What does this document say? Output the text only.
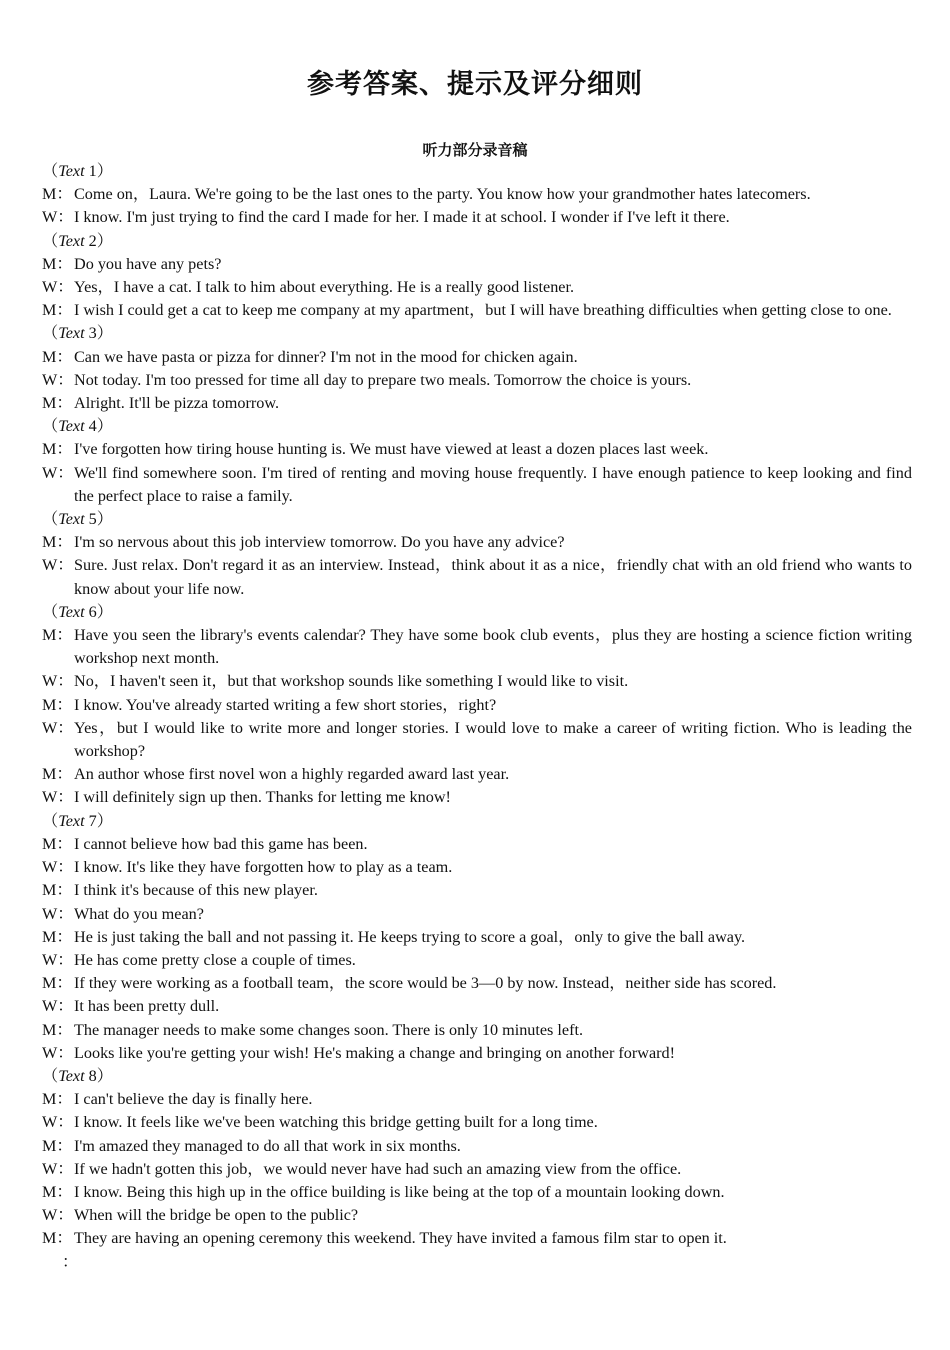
参考答案、提示及评分细则
听力部分录音稿
（Text 1）
M：Come on，Laura. We're going to be the last ones to the party. You know how your grandmother hates latecomers.
W：I know. I'm just trying to find the card I made for her. I made it at school. I wonder if I've left it there.
（Text 2）
M：Do you have any pets?
W：Yes，I have a cat. I talk to him about everything. He is a really good listener.
M：I wish I could get a cat to keep me company at my apartment，but I will have breathing difficulties when getting close to one.
（Text 3）
M：Can we have pasta or pizza for dinner? I'm not in the mood for chicken again.
W：Not today. I'm too pressed for time all day to prepare two meals. Tomorrow the choice is yours.
M：Alright. It'll be pizza tomorrow.
（Text 4）
M：I've forgotten how tiring house hunting is. We must have viewed at least a dozen places last week.
W：We'll find somewhere soon. I'm tired of renting and moving house frequently. I have enough patience to keep looking and find the perfect place to raise a family.
（Text 5）
M：I'm so nervous about this job interview tomorrow. Do you have any advice?
W：Sure. Just relax. Don't regard it as an interview. Instead，think about it as a nice，friendly chat with an old friend who wants to know about your life now.
（Text 6）
M：Have you seen the library's events calendar? They have some book club events，plus they are hosting a science fiction writing workshop next month.
W：No，I haven't seen it，but that workshop sounds like something I would like to visit.
M：I know. You've already started writing a few short stories，right?
W：Yes，but I would like to write more and longer stories. I would love to make a career of writing fiction. Who is leading the workshop?
M：An author whose first novel won a highly regarded award last year.
W：I will definitely sign up then. Thanks for letting me know!
（Text 7）
M：I cannot believe how bad this game has been.
W：I know. It's like they have forgotten how to play as a team.
M：I think it's because of this new player.
W：What do you mean?
M：He is just taking the ball and not passing it. He keeps trying to score a goal，only to give the ball away.
W：He has come pretty close a couple of times.
M：If they were working as a football team，the score would be 3—0 by now. Instead，neither side has scored.
W：It has been pretty dull.
M：The manager needs to make some changes soon. There is only 10 minutes left.
W：Looks like you're getting your wish! He's making a change and bringing on another forward!
（Text 8）
M：I can't believe the day is finally here.
W：I know. It feels like we've been watching this bridge getting built for a long time.
M：I'm amazed they managed to do all that work in six months.
W：If we hadn't gotten this job，we would never have had such an amazing view from the office.
M：I know. Being this high up in the office building is like being at the top of a mountain looking down.
W：When will the bridge be open to the public?
M：They are having an opening ceremony this weekend. They have invited a famous film star to open it.
：
